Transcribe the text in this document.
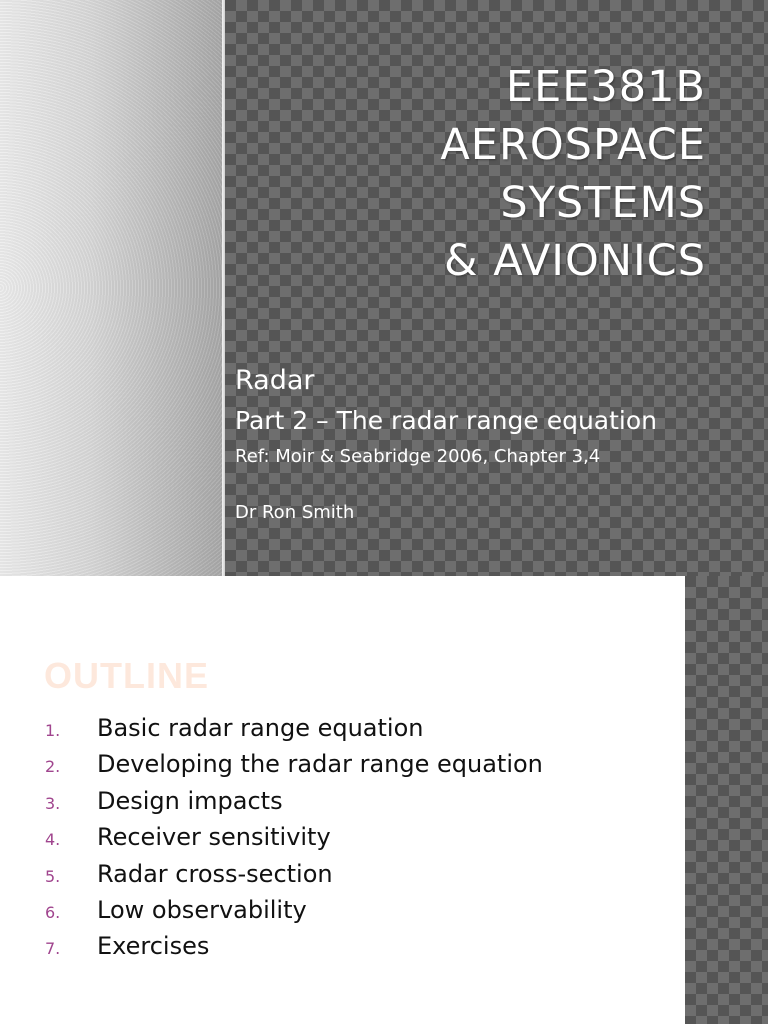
EEE381B
AEROSPACE
SYSTEMS
& AVIONICS
Radar
Part 2 – The radar range equation
Ref: Moir & Seabridge 2006, Chapter 3,4
Dr Ron Smith
OUTLINE
1.	Basic radar range equation
2.	Developing the radar range equation
3.	Design impacts
4.	Receiver sensitivity
5.	Radar cross-section
6.	Low observability
7.	Exercises
